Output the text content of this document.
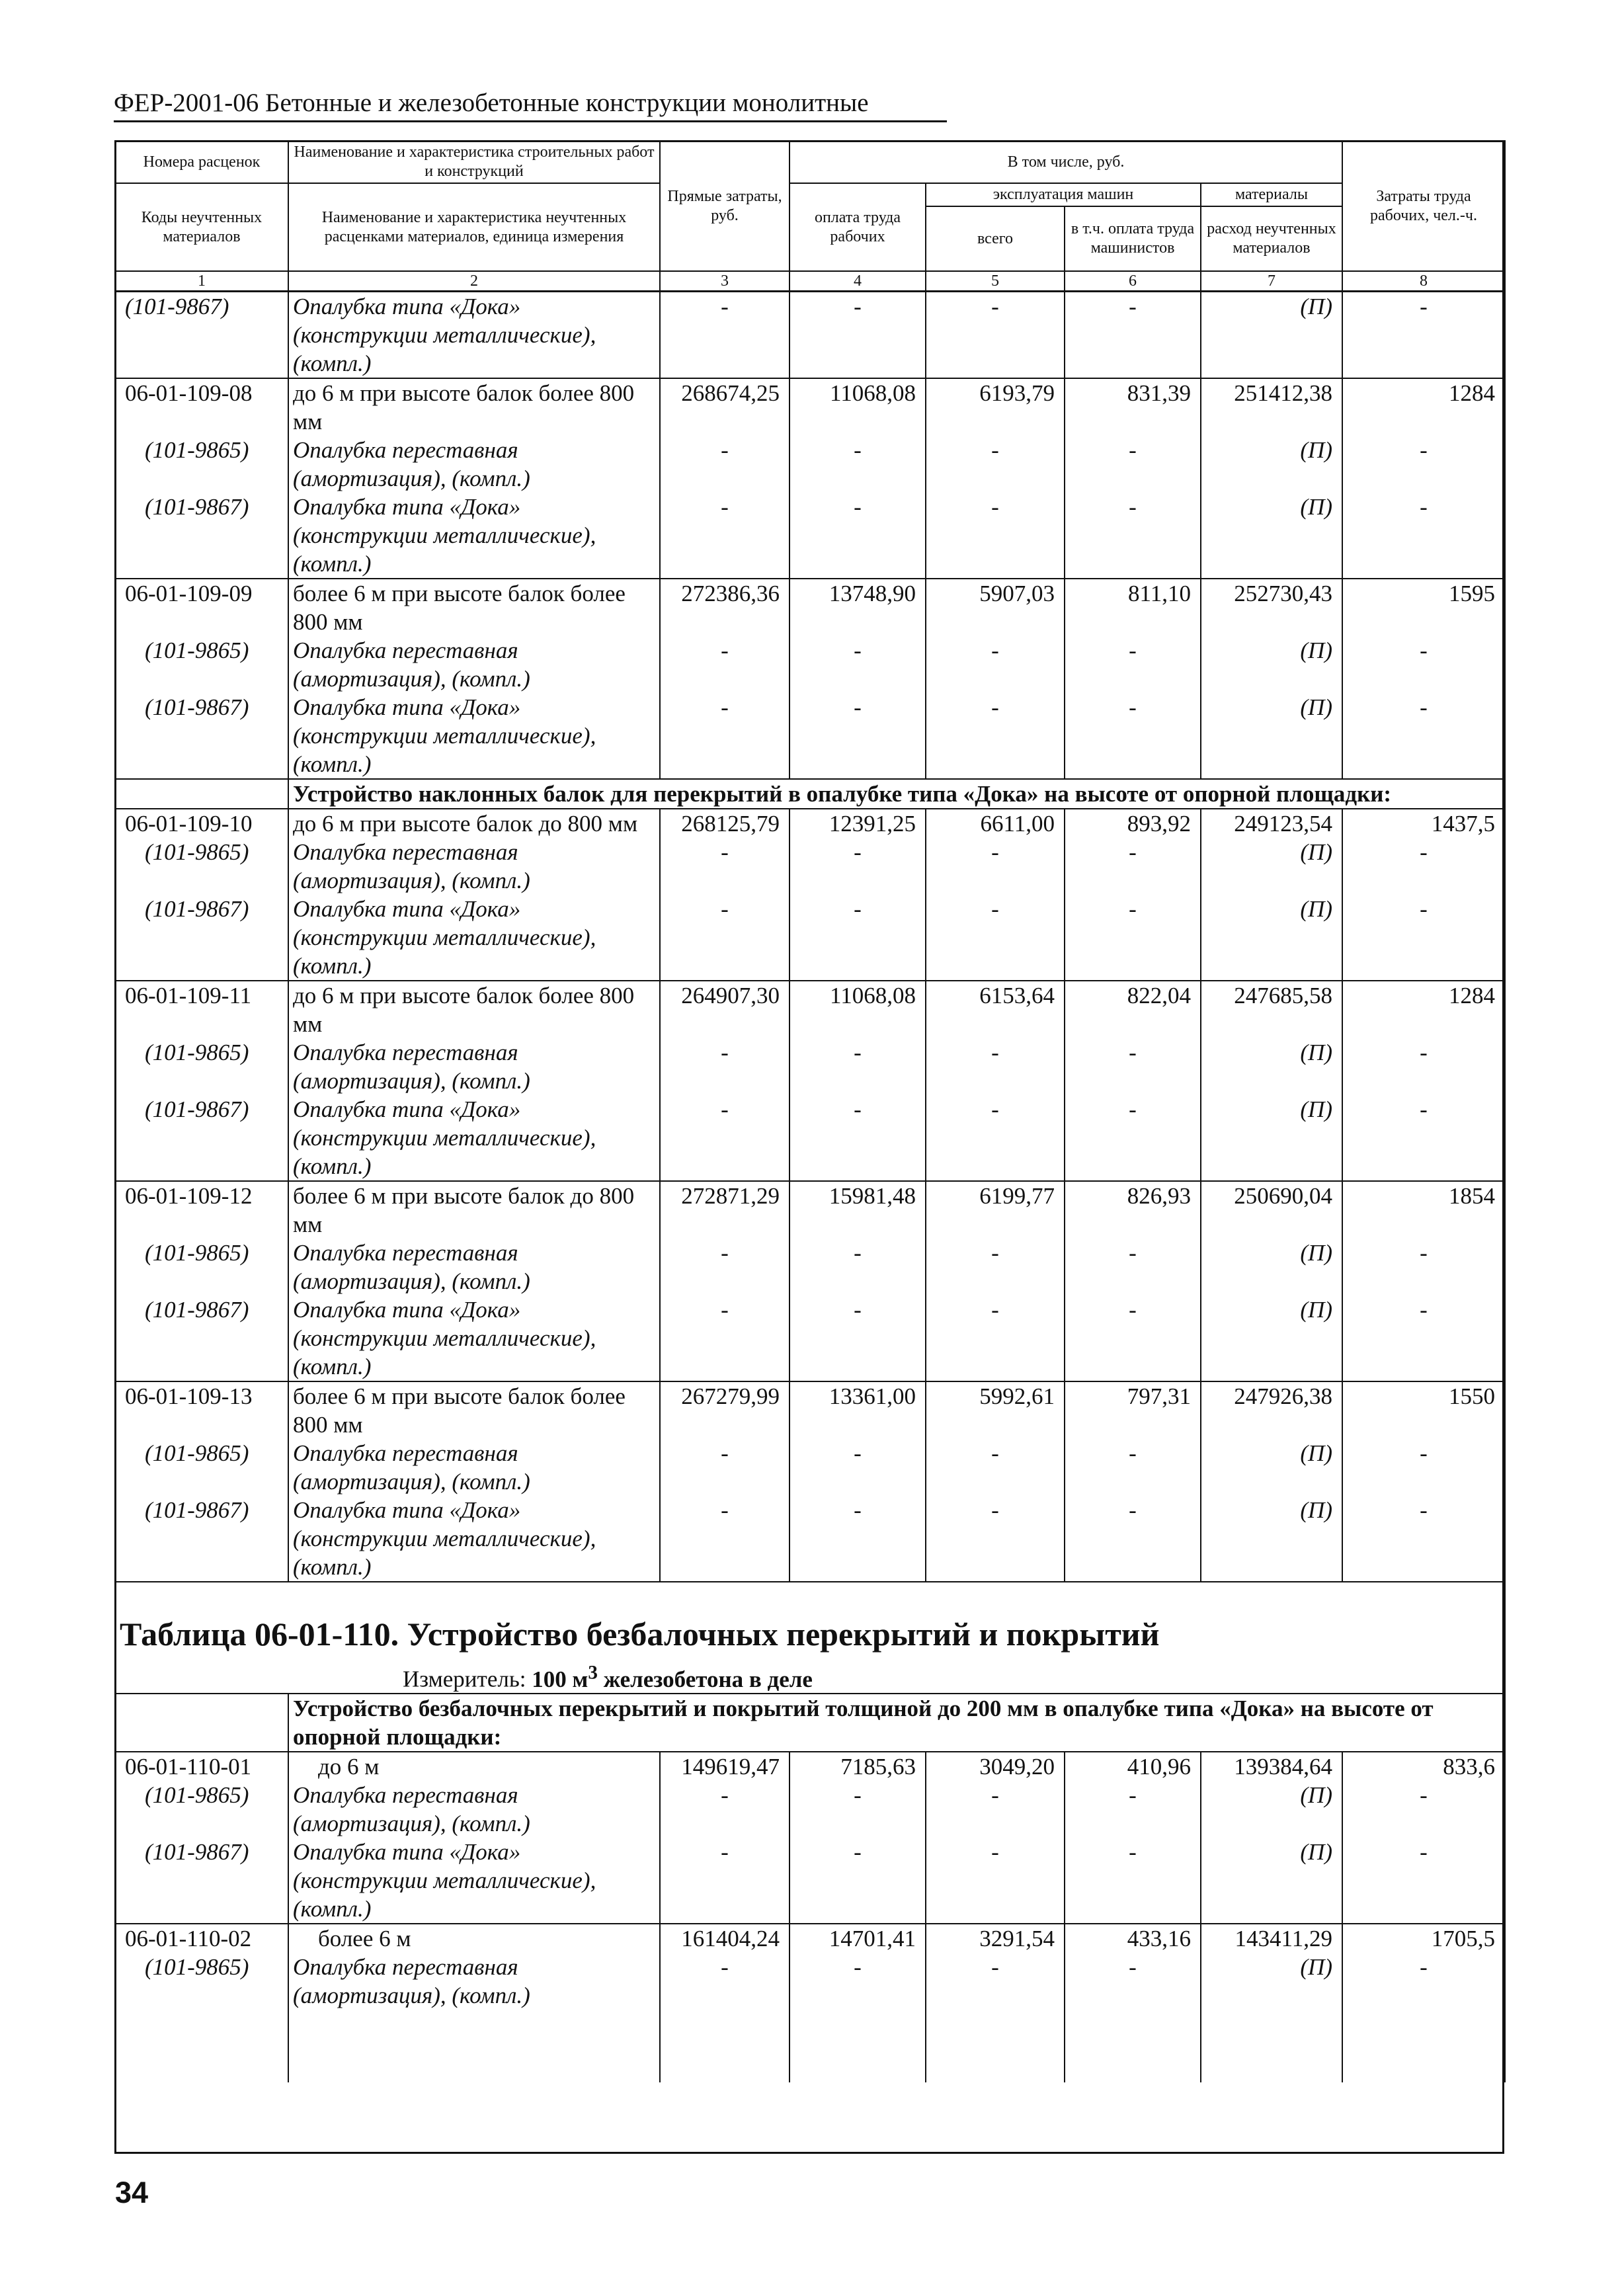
ФЕР-2001-06 Бетонные и железобетонные конструкции монолитные
Номера расценок	Наименование и характеристика строительных работ и конструкций	Прямые затраты, руб.	В том числе, руб.				Затраты труда рабочих, чел.-ч.
Коды неучтенных материалов	Наименование и характеристика неучтенных расценками материалов, единица измерения		оплата труда рабочих	эксплуатация машин		материалы	
				всего	в т.ч. оплата труда машинистов	расход неучтенных материалов	
1	2	3	4	5	6	7	8
(101-9867)	Опалубка типа «Дока» (конструкции металлические), (компл.)	-	-	-	-	(П)	-
06-01-109-08	до 6 м при высоте балок более 800 мм	268674,25	11068,08	6193,79	831,39	251412,38	1284
(101-9865)	Опалубка переставная (амортизация), (компл.)	-	-	-	-	(П)	-
(101-9867)	Опалубка типа «Дока» (конструкции металлические), (компл.)	-	-	-	-	(П)	-
06-01-109-09	более 6 м при высоте балок более 800 мм	272386,36	13748,90	5907,03	811,10	252730,43	1595
(101-9865)	Опалубка переставная (амортизация), (компл.)	-	-	-	-	(П)	-
(101-9867)	Опалубка типа «Дока» (конструкции металлические), (компл.)	-	-	-	-	(П)	-
	Устройство наклонных балок для перекрытий в опалубке типа «Дока» на высоте от опорной площадки:						
06-01-109-10	до 6 м при высоте балок до 800 мм	268125,79	12391,25	6611,00	893,92	249123,54	1437,5
(101-9865)	Опалубка переставная (амортизация), (компл.)	-	-	-	-	(П)	-
(101-9867)	Опалубка типа «Дока» (конструкции металлические), (компл.)	-	-	-	-	(П)	-
06-01-109-11	до 6 м при высоте балок более 800 мм	264907,30	11068,08	6153,64	822,04	247685,58	1284
(101-9865)	Опалубка переставная (амортизация), (компл.)	-	-	-	-	(П)	-
(101-9867)	Опалубка типа «Дока» (конструкции металлические), (компл.)	-	-	-	-	(П)	-
06-01-109-12	более 6 м при высоте балок до 800 мм	272871,29	15981,48	6199,77	826,93	250690,04	1854
(101-9865)	Опалубка переставная (амортизация), (компл.)	-	-	-	-	(П)	-
(101-9867)	Опалубка типа «Дока» (конструкции металлические), (компл.)	-	-	-	-	(П)	-
06-01-109-13	более 6 м при высоте балок более 800 мм	267279,99	13361,00	5992,61	797,31	247926,38	1550
(101-9865)	Опалубка переставная (амортизация), (компл.)	-	-	-	-	(П)	-
(101-9867)	Опалубка типа «Дока» (конструкции металлические), (компл.)	-	-	-	-	(П)	-
Таблица 06-01-110. Устройство безбалочных перекрытий и покрытий							
Измеритель: 100 $м^3$ железобетона в деле							
	Устройство безбалочных перекрытий и покрытий толщиной до 200 мм в опалубке типа «Дока» на высоте от опорной площадки:						
06-01-110-01	до 6 м	149619,47	7185,63	3049,20	410,96	139384,64	833,6
(101-9865)	Опалубка переставная (амортизация), (компл.)	-	-	-	-	(П)	-
(101-9867)	Опалубка типа «Дока» (конструкции металлические), (компл.)	-	-	-	-	(П)	-
06-01-110-02	более 6 м	161404,24	14701,41	3291,54	433,16	143411,29	1705,5
(101-9865)	Опалубка переставная (амортизация), (компл.)	-	-	-	-	(П)	-

34
